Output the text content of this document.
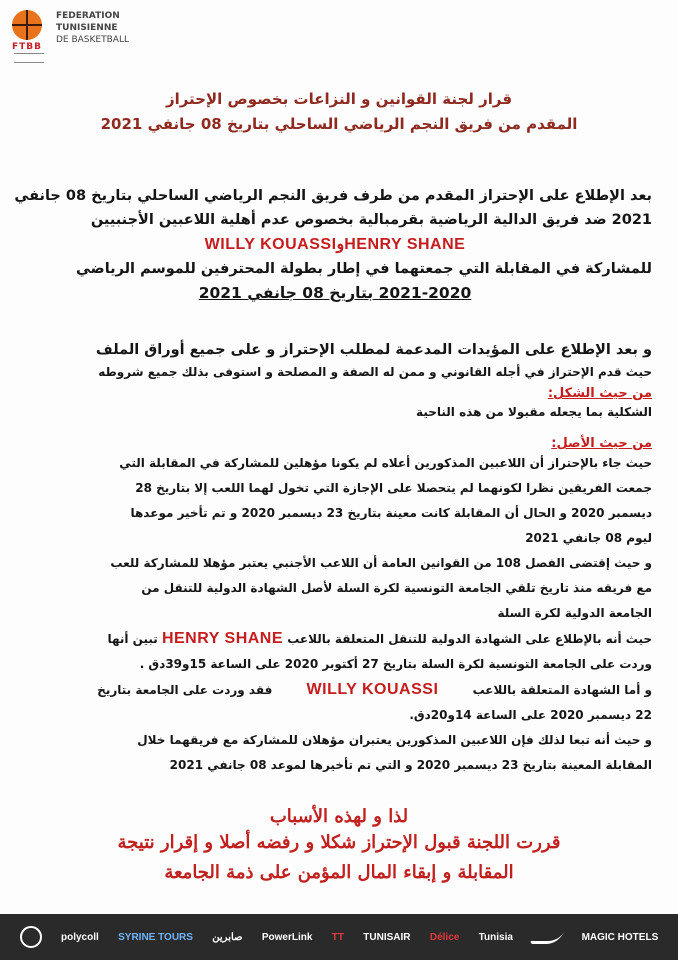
FTBB
FEDERATION
TUNISIENNE
DE BASKETBALL
قرار لجنة القوانين و النزاعات بخصوص الإحتراز
المقدم من فريق النجم الرياضي الساحلي بتاريخ 08 جانفي 2021
بعد الإطلاع على الإحتراز المقدم من طرف فريق النجم الرياضي الساحلي بتاريخ 08 جانفي
2021 ضد فريق الدالية الرياضية بقرمبالية بخصوص عدم أهلية اللاعبين الأجنبيين
HENRY SHANEوWILLY KOUASSI
للمشاركة في المقابلة التي جمعتهما في إطار بطولة المحترفين للموسم الرياضي
2021-2020 بتاريخ 08 جانفي 2021
و بعد الإطلاع على المؤيدات المدعمة لمطلب الإحتراز و على جميع أوراق الملف
حيث قدم الإحتراز في أجله القانوني و ممن له الصفة و المصلحة و استوفى بذلك جميع شروطه
من حيث الشكل:
الشكلية بما يجعله مقبولا من هذه الناحية
من حيث الأصل:
حيث جاء بالإحتراز أن اللاعبين المذكورين أعلاه لم يكونا مؤهلين للمشاركة في المقابلة التي
جمعت الفريقين نظرا لكونهما لم يتحصلا على الإجازة التي تخول لهما اللعب إلا بتاريخ 28
ديسمبر 2020 و الحال أن المقابلة كانت معينة بتاريخ 23 ديسمبر 2020 و تم تأخير موعدها
ليوم 08 جانفي 2021
و حيث إقتضى الفصل 108 من القوانين العامة أن اللاعب الأجنبي يعتبر مؤهلا للمشاركة للعب
مع فريقه منذ تاريخ تلقي الجامعة التونسية لكرة السلة لأصل الشهادة الدولية للتنقل من
الجامعة الدولية لكرة السلة
حيث أنه بالإطلاع على الشهادة الدولية للتنقل المتعلقة باللاعب HENRY SHANE تبين أنها
وردت على الجامعة التونسية لكرة السلة بتاريخ 27 أكتوبر 2020 على الساعة 15و39دق .
و أما الشهادة المتعلقة باللاعب WILLY KOUASSI فقد وردت على الجامعة بتاريخ
22 ديسمبر 2020 على الساعة 14و20دق.
و حيث أنه تبعا لذلك فإن اللاعبين المذكورين يعتبران مؤهلان للمشاركة مع فريقهما خلال
المقابلة المعينة بتاريخ 23 ديسمبر 2020 و التي تم تأخيرها لموعد 08 جانفي 2021
لذا و لهذه الأسباب
قررت اللجنة قبول الإحتراز شكلا و رفضه أصلا و إقرار نتيجة
المقابلة و إبقاء المال المؤمن على ذمة الجامعة
polycoll SYRINE TOURS صابرين PowerLink TT TUNISAIR Délice Tunisia	MAGIC HOTELS
